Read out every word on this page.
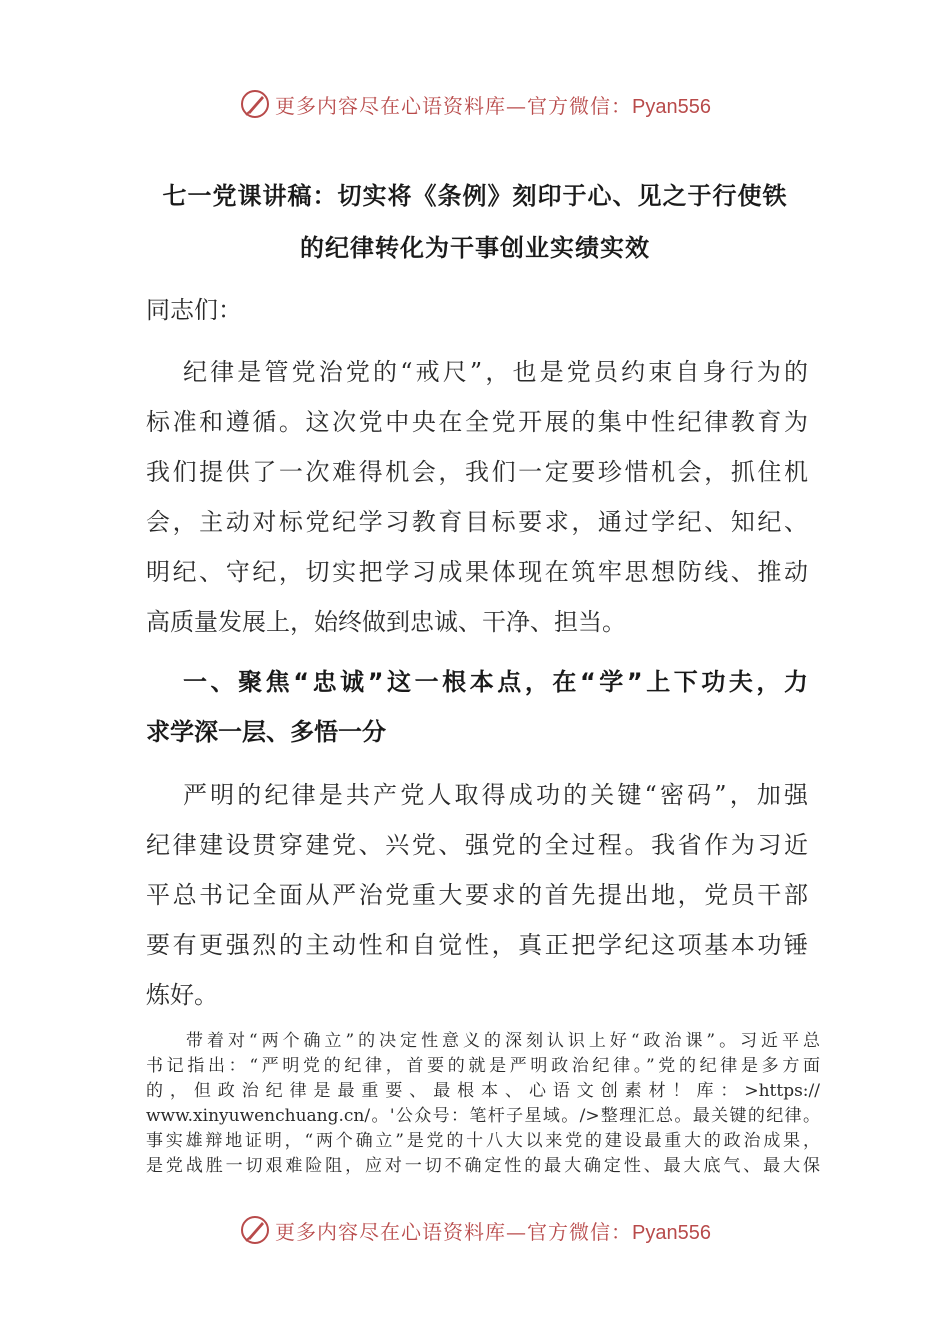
更多内容尽在心语资料库—官方微信：Pyan556
七一党课讲稿：切实将《条例》刻印于心、见之于行使铁
的纪律转化为干事创业实绩实效
同志们：
纪律是管党治党的“戒尺”，也是党员约束自身行为的
标准和遵循。这次党中央在全党开展的集中性纪律教育为
我们提供了一次难得机会，我们一定要珍惜机会，抓住机
会，主动对标党纪学习教育目标要求，通过学纪、知纪、
明纪、守纪，切实把学习成果体现在筑牢思想防线、推动
高质量发展上，始终做到忠诚、干净、担当。
一、聚焦“忠诚”这一根本点，在“学”上下功夫，力
求学深一层、多悟一分
严明的纪律是共产党人取得成功的关键“密码”，加强
纪律建设贯穿建党、兴党、强党的全过程。我省作为习近
平总书记全面从严治党重大要求的首先提出地，党员干部
要有更强烈的主动性和自觉性，真正把学纪这项基本功锤
炼好。
带着对“两个确立”的决定性意义的深刻认识上好“政治课”。习近平总
书记指出：“严明党的纪律，首要的就是严明政治纪律。”党的纪律是多方面
的，但政治纪律是最重要、最根本、心语文创素材！库：>https://
www.xinyuwenchuang.cn/。'公众号：笔杆子星域。/>整理汇总。最关键的纪律。
事实雄辩地证明，“两个确立”是党的十八大以来党的建设最重大的政治成果，
是党战胜一切艰难险阻，应对一切不确定性的最大确定性、最大底气、最大保
更多内容尽在心语资料库—官方微信：Pyan556
